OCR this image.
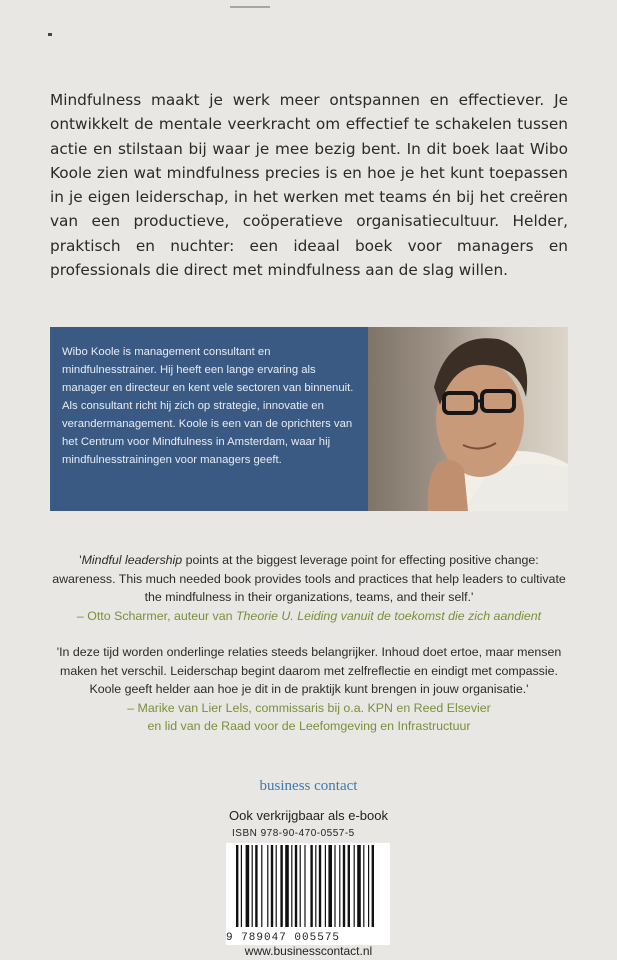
Mindfulness maakt je werk meer ontspannen en effectiever. Je ontwikkelt de mentale veerkracht om effectief te schakelen tussen actie en stilstaan bij waar je mee bezig bent. In dit boek laat Wibo Koole zien wat mindfulness precies is en hoe je het kunt toepassen in je eigen leiderschap, in het werken met teams én bij het creëren van een productieve, coöperatieve organisatiecultuur. Helder, praktisch en nuchter: een ideaal boek voor managers en professionals die direct met mindfulness aan de slag willen.

Wibo Koole is management consultant en mindfulnesstrainer. Hij heeft een lange ervaring als manager en directeur en kent vele sectoren van binnenuit. Als consultant richt hij zich op strategie, innovatie en verandermanagement. Koole is een van de oprichters van het Centrum voor Mindfulness in Amsterdam, waar hij mindfulnesstrainingen voor managers geeft.
'Mindful leadership points at the biggest leverage point for effecting positive change: awareness. This much needed book provides tools and practices that help leaders to cultivate the mindfulness in their organizations, teams, and their self.'
– Otto Scharmer, auteur van Theorie U. Leiding vanuit de toekomst die zich aandient
'In deze tijd worden onderlinge relaties steeds belangrijker. Inhoud doet ertoe, maar mensen maken het verschil. Leiderschap begint daarom met zelfreflectie en eindigt met compassie. Koole geeft helder aan hoe je dit in de praktijk kunt brengen in jouw organisatie.'
– Marike van Lier Lels, commissaris bij o.a. KPN en Reed Elsevier
en lid van de Raad voor de Leefomgeving en Infrastructuur
business contact
Ook verkrijgbaar als e-book
ISBN 978-90-470-0557-5
9 789047 005575
www.businesscontact.nl
